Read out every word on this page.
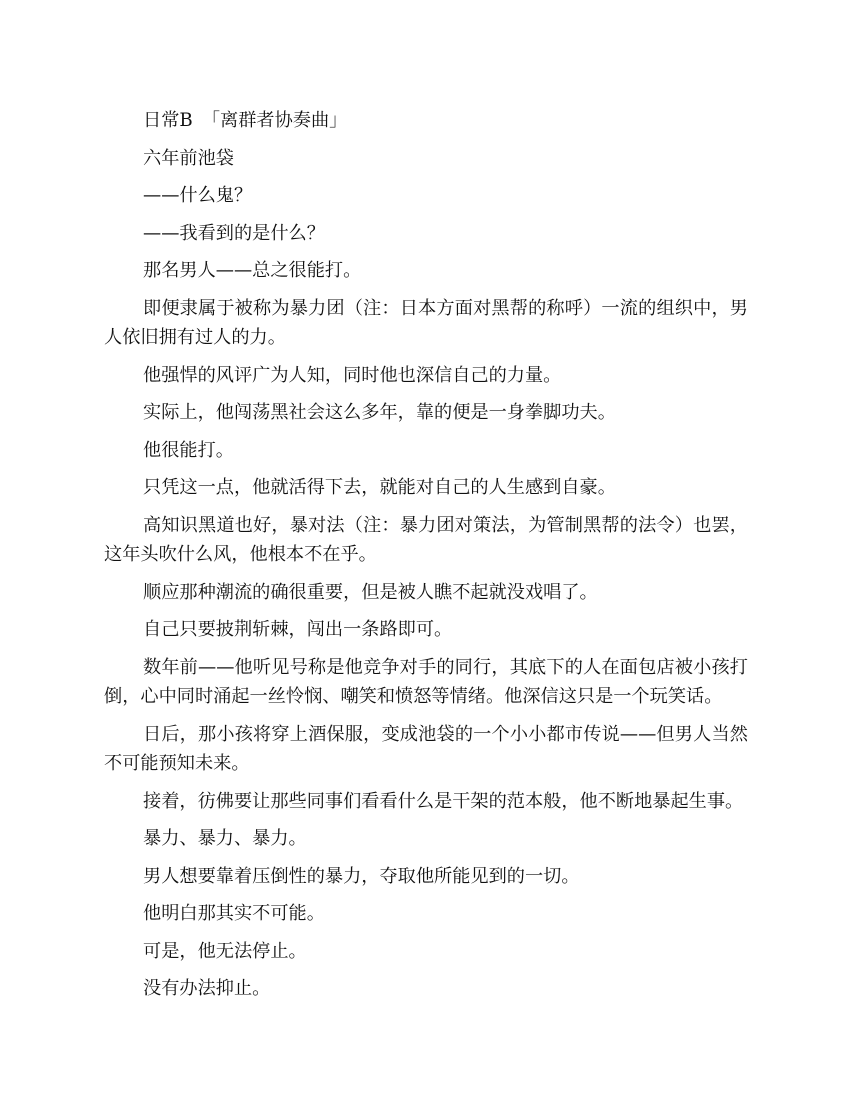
日常B　「离群者协奏曲」

六年前池袋

——什么鬼？

——我看到的是什么？

那名男人——总之很能打。

即便隶属于被称为暴力团（注：日本方面对黑帮的称呼）一流的组织中，男人依旧拥有过人的力。

他强悍的风评广为人知，同时他也深信自己的力量。

实际上，他闯荡黑社会这么多年，靠的便是一身拳脚功夫。

他很能打。

只凭这一点，他就活得下去，就能对自己的人生感到自豪。

高知识黑道也好，暴对法（注：暴力团对策法，为管制黑帮的法令）也罢，这年头吹什么风，他根本不在乎。

顺应那种潮流的确很重要，但是被人瞧不起就没戏唱了。

自己只要披荆斩棘，闯出一条路即可。

数年前——他听见号称是他竞争对手的同行，其底下的人在面包店被小孩打倒，心中同时涌起一丝怜悯、嘲笑和愤怒等情绪。他深信这只是一个玩笑话。

日后，那小孩将穿上酒保服，变成池袋的一个小小都市传说——但男人当然不可能预知未来。

接着，彷佛要让那些同事们看看什么是干架的范本般，他不断地暴起生事。

暴力、暴力、暴力。

男人想要靠着压倒性的暴力，夺取他所能见到的一切。

他明白那其实不可能。

可是，他无法停止。

没有办法抑止。
